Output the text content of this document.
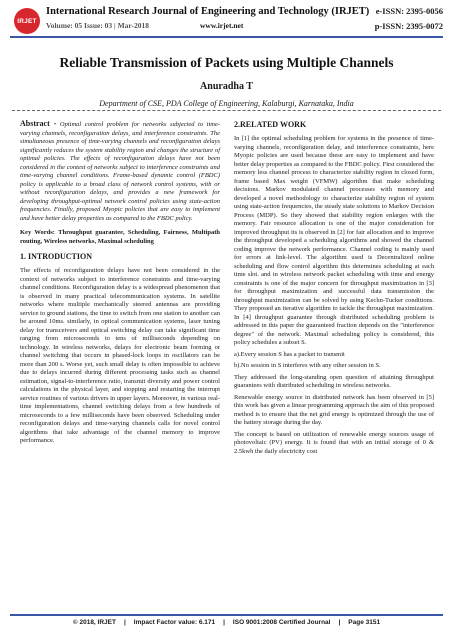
IRJET
International Research Journal of Engineering and Technology (IRJET) e-ISSN: 2395-0056
Volume: 05 Issue: 03 | Mar-2018	www.irjet.net	p-ISSN: 2395-0072
Reliable Transmission of Packets using Multiple Channels
Anuradha T
Department of CSE, PDA College of Engineering, Kalaburgi, Karnataka, India

Abstract - Optimal control problem for networks subjected to time-varying channels, reconfiguration delays, and interference constraints. The simultaneous presence of time-varying channels and reconfiguration delays significantly reduces the system stability region and changes the structure of optimal policies. The effects of reconfiguration delays have not been considered in the context of networks subject to interference constraints and time-varying channel conditions. Frame-based dynamic control (FBDC) policy is applicable to a broad class of network control systems, with or without reconfiguration delays, and provides a new framework for developing throughput-optimal network control policies using state-action frequencies. Finally, proposed Myopic policies that are easy to implement and have better delay properties as compared to the FBDC policy.

Key Words: Throughput guarantee, Scheduling, Fairness, Multipath routing, Wireless networks, Maximal scheduling

1. INTRODUCTION

The effects of reconfiguration delays have not been considered in the context of networks subject to interference constraints and time-varying channel conditions. Reconfiguration delay is a widespread phenomenon that is observed in many practical telecommunication systems. In satellite networks where multiple mechanically steered antennas are providing service to ground stations, the time to switch from one station to another can be around 10ms. similarly, in optical communication systems, laser tuning delay for transceivers and optical switching delay can take significant time ranging from microseconds to tens of milliseconds depending on technology. In wireless networks, delays for electronic beam forming or channel switching that occurs in phased-lock loops in oscillators can be more than 200 s. Worse yet, such small delay is often impossible to achieve due to delays incurred during different processing tasks such as channel estimation, signal-to-interference ratio, transmit diversity and power control calculations in the physical layer, and stopping and restarting the interrupt service routines of various drivers in upper layers. Moreover, in various real-time implementations, channel switching delays from a few hundreds of microseconds to a few milliseconds have been observed. Scheduling under reconfiguration delays and time-varying channels calls for novel control algorithms that take advantage of the channel memory to improve performance.

2.RELATED WORK

In [1] the optimal scheduling problem for systems in the presence of time-varying channels, reconfiguration delay, and interference constraints, here Myopic policies are used because these are easy to implement and have better delay properties as compared to the FBDC policy. First considered the memory less channel process to characterize stability region in closed form, frame based Max weight (VFMW) algorithm that make scheduling decisions. Markov modulated channel processes with memory and developed a novel methodology to characterize stability region of system using state-action frequencies, the steady state solutions to Markov Decision Process (MDP). So they showed that stability region enlarges with the memory. Fair resource allocation is one of the major consideration for improved throughput its is observed in [2] for fair allocation and to improve the throughput developed a scheduling algorithms and showed the channel coding improve the network performance. Channel coding is mainly used for errors at link-level. The algorithm used is Decentralized online scheduling and flow control algorithm this determines scheduling at each time slot. and in wireless network packet scheduling with time and energy constraints is one of the major concern for throughput maximization in [3] for throughput maximization and successful data transmission the throughput maximization can be solved by using Kechn-Tucker conditions. They proposed an iterative algorithm to tackle the throughput maximization. In [4] throughput guarantee through distributed scheduling problem is addressed in this paper the guaranteed fraction depends on the "interference degree" of the network. Maximal scheduling policy is considered, this policy schedules a subset S.

a).Every session S has a packet to transmit

b).No session in S interferes with any other session in S.

They addressed the long-standing open question of attaining throughput guarantees with distributed scheduling in wireless networks.

Renewable energy source in distributed network has been observed in [5] this work has given a linear programming approach the aim of this proposed method is to ensure that the net grid energy is optimized through the use of the battery storage during the day.

The concept is based on utilization of renewable energy sources usage of photovoltaic (PV) energy. It is found that with an initial storage of 0 & 2.5kwh the daily electricity cost

© 2018, IRJET | Impact Factor value: 6.171 | ISO 9001:2008 Certified Journal | Page 3151
